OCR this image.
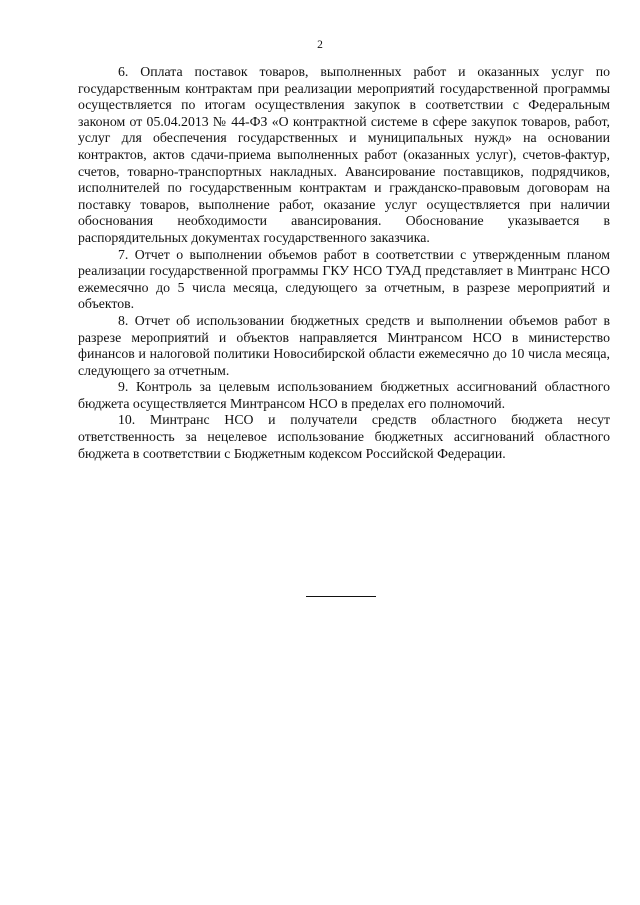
2

6. Оплата поставок товаров, выполненных работ и оказанных услуг по государственным контрактам при реализации мероприятий государственной программы осуществляется по итогам осуществления закупок в соответствии с Федеральным законом от 05.04.2013 № 44-ФЗ «О контрактной системе в сфере закупок товаров, работ, услуг для обеспечения государственных и муниципальных нужд» на основании контрактов, актов сдачи-приема выполненных работ (оказанных услуг), счетов-фактур, счетов, товарно-транспортных накладных. Авансирование поставщиков, подрядчиков, исполнителей по государственным контрактам и гражданско-правовым договорам на поставку товаров, выполнение работ, оказание услуг осуществляется при наличии обоснования необходимости авансирования. Обоснование указывается в распорядительных документах государственного заказчика.

7. Отчет о выполнении объемов работ в соответствии с утвержденным планом реализации государственной программы ГКУ НСО ТУАД представляет в Минтранс НСО ежемесячно до 5 числа месяца, следующего за отчетным, в разрезе мероприятий и объектов.

8. Отчет об использовании бюджетных средств и выполнении объемов работ в разрезе мероприятий и объектов направляется Минтрансом НСО в министерство финансов и налоговой политики Новосибирской области ежемесячно до 10 числа месяца, следующего за отчетным.

9. Контроль за целевым использованием бюджетных ассигнований областного бюджета осуществляется Минтрансом НСО в пределах его полномочий.

10. Минтранс НСО и получатели средств областного бюджета несут ответственность за нецелевое использование бюджетных ассигнований областного бюджета в соответствии с Бюджетным кодексом Российской Федерации.
